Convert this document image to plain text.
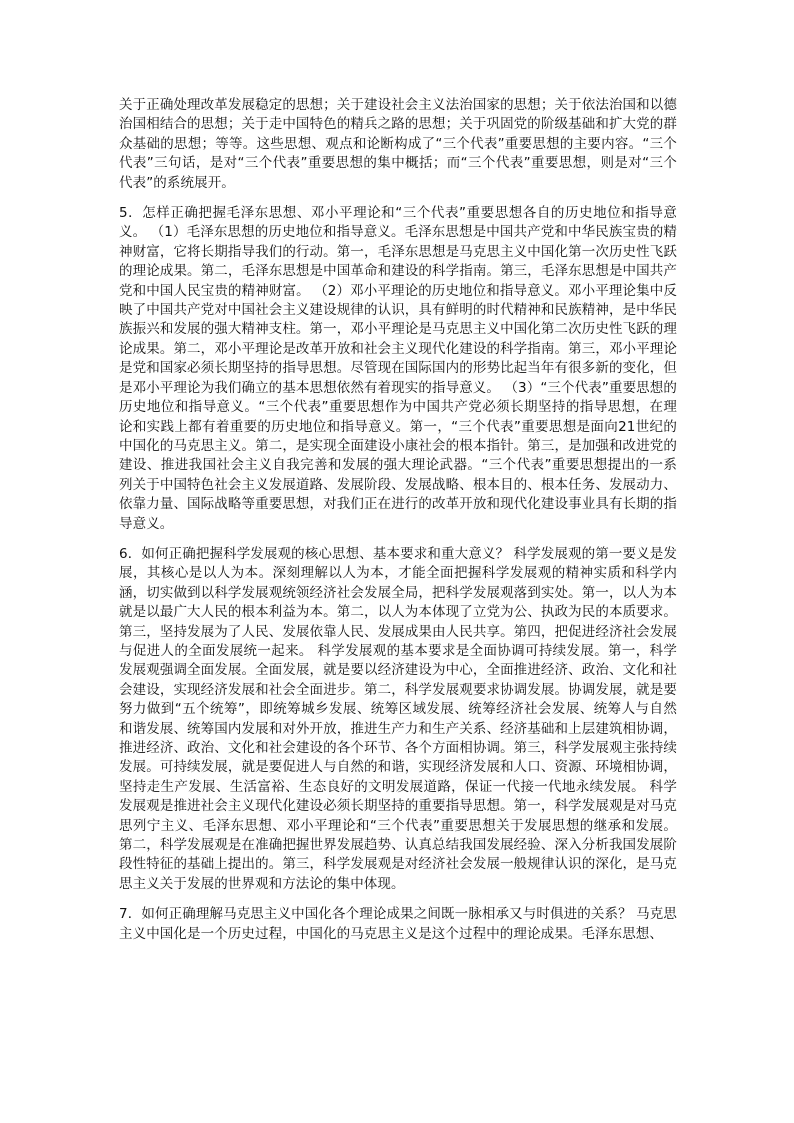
关于正确处理改革发展稳定的思想；关于建设社会主义法治国家的思想；关于依法治国和以德治国相结合的思想；关于走中国特色的精兵之路的思想；关于巩固党的阶级基础和扩大党的群众基础的思想；等等。这些思想、观点和论断构成了“三个代表”重要思想的主要内容。“三个代表”三句话，是对“三个代表”重要思想的集中概括；而“三个代表”重要思想，则是对“三个代表”的系统展开。

5．怎样正确把握毛泽东思想、邓小平理论和“三个代表”重要思想各自的历史地位和指导意义。 （1）毛泽东思想的历史地位和指导意义。毛泽东思想是中国共产党和中华民族宝贵的精神财富，它将长期指导我们的行动。第一，毛泽东思想是马克思主义中国化第一次历史性飞跃的理论成果。第二，毛泽东思想是中国革命和建设的科学指南。第三，毛泽东思想是中国共产党和中国人民宝贵的精神财富。 （2）邓小平理论的历史地位和指导意义。邓小平理论集中反映了中国共产党对中国社会主义建设规律的认识，具有鲜明的时代精神和民族精神，是中华民族振兴和发展的强大精神支柱。第一，邓小平理论是马克思主义中国化第二次历史性飞跃的理论成果。第二，邓小平理论是改革开放和社会主义现代化建设的科学指南。第三，邓小平理论是党和国家必须长期坚持的指导思想。尽管现在国际国内的形势比起当年有很多新的变化，但是邓小平理论为我们确立的基本思想依然有着现实的指导意义。 （3）“三个代表”重要思想的历史地位和指导意义。“三个代表”重要思想作为中国共产党必须长期坚持的指导思想，在理论和实践上都有着重要的历史地位和指导意义。第一，“三个代表”重要思想是面向21世纪的中国化的马克思主义。第二，是实现全面建设小康社会的根本指针。第三，是加强和改进党的建设、推进我国社会主义自我完善和发展的强大理论武器。“三个代表”重要思想提出的一系列关于中国特色社会主义发展道路、发展阶段、发展战略、根本目的、根本任务、发展动力、依靠力量、国际战略等重要思想，对我们正在进行的改革开放和现代化建设事业具有长期的指导意义。

6．如何正确把握科学发展观的核心思想、基本要求和重大意义？ 科学发展观的第一要义是发展，其核心是以人为本。深刻理解以人为本，才能全面把握科学发展观的精神实质和科学内涵，切实做到以科学发展观统领经济社会发展全局，把科学发展观落到实处。第一，以人为本就是以最广大人民的根本利益为本。第二，以人为本体现了立党为公、执政为民的本质要求。第三，坚持发展为了人民、发展依靠人民、发展成果由人民共享。第四，把促进经济社会发展与促进人的全面发展统一起来。 科学发展观的基本要求是全面协调可持续发展。第一，科学发展观强调全面发展。全面发展，就是要以经济建设为中心，全面推进经济、政治、文化和社会建设，实现经济发展和社会全面进步。第二，科学发展观要求协调发展。协调发展，就是要努力做到“五个统筹”，即统筹城乡发展、统筹区域发展、统筹经济社会发展、统筹人与自然和谐发展、统筹国内发展和对外开放，推进生产力和生产关系、经济基础和上层建筑相协调，推进经济、政治、文化和社会建设的各个环节、各个方面相协调。第三，科学发展观主张持续发展。可持续发展，就是要促进人与自然的和谐，实现经济发展和人口、资源、环境相协调，坚持走生产发展、生活富裕、生态良好的文明发展道路，保证一代接一代地永续发展。 科学发展观是推进社会主义现代化建设必须长期坚持的重要指导思想。第一，科学发展观是对马克思列宁主义、毛泽东思想、邓小平理论和“三个代表”重要思想关于发展思想的继承和发展。第二，科学发展观是在准确把握世界发展趋势、认真总结我国发展经验、深入分析我国发展阶段性特征的基础上提出的。第三，科学发展观是对经济社会发展一般规律认识的深化，是马克思主义关于发展的世界观和方法论的集中体现。

7．如何正确理解马克思主义中国化各个理论成果之间既一脉相承又与时俱进的关系？ 马克思主义中国化是一个历史过程，中国化的马克思主义是这个过程中的理论成果。毛泽东思想、
